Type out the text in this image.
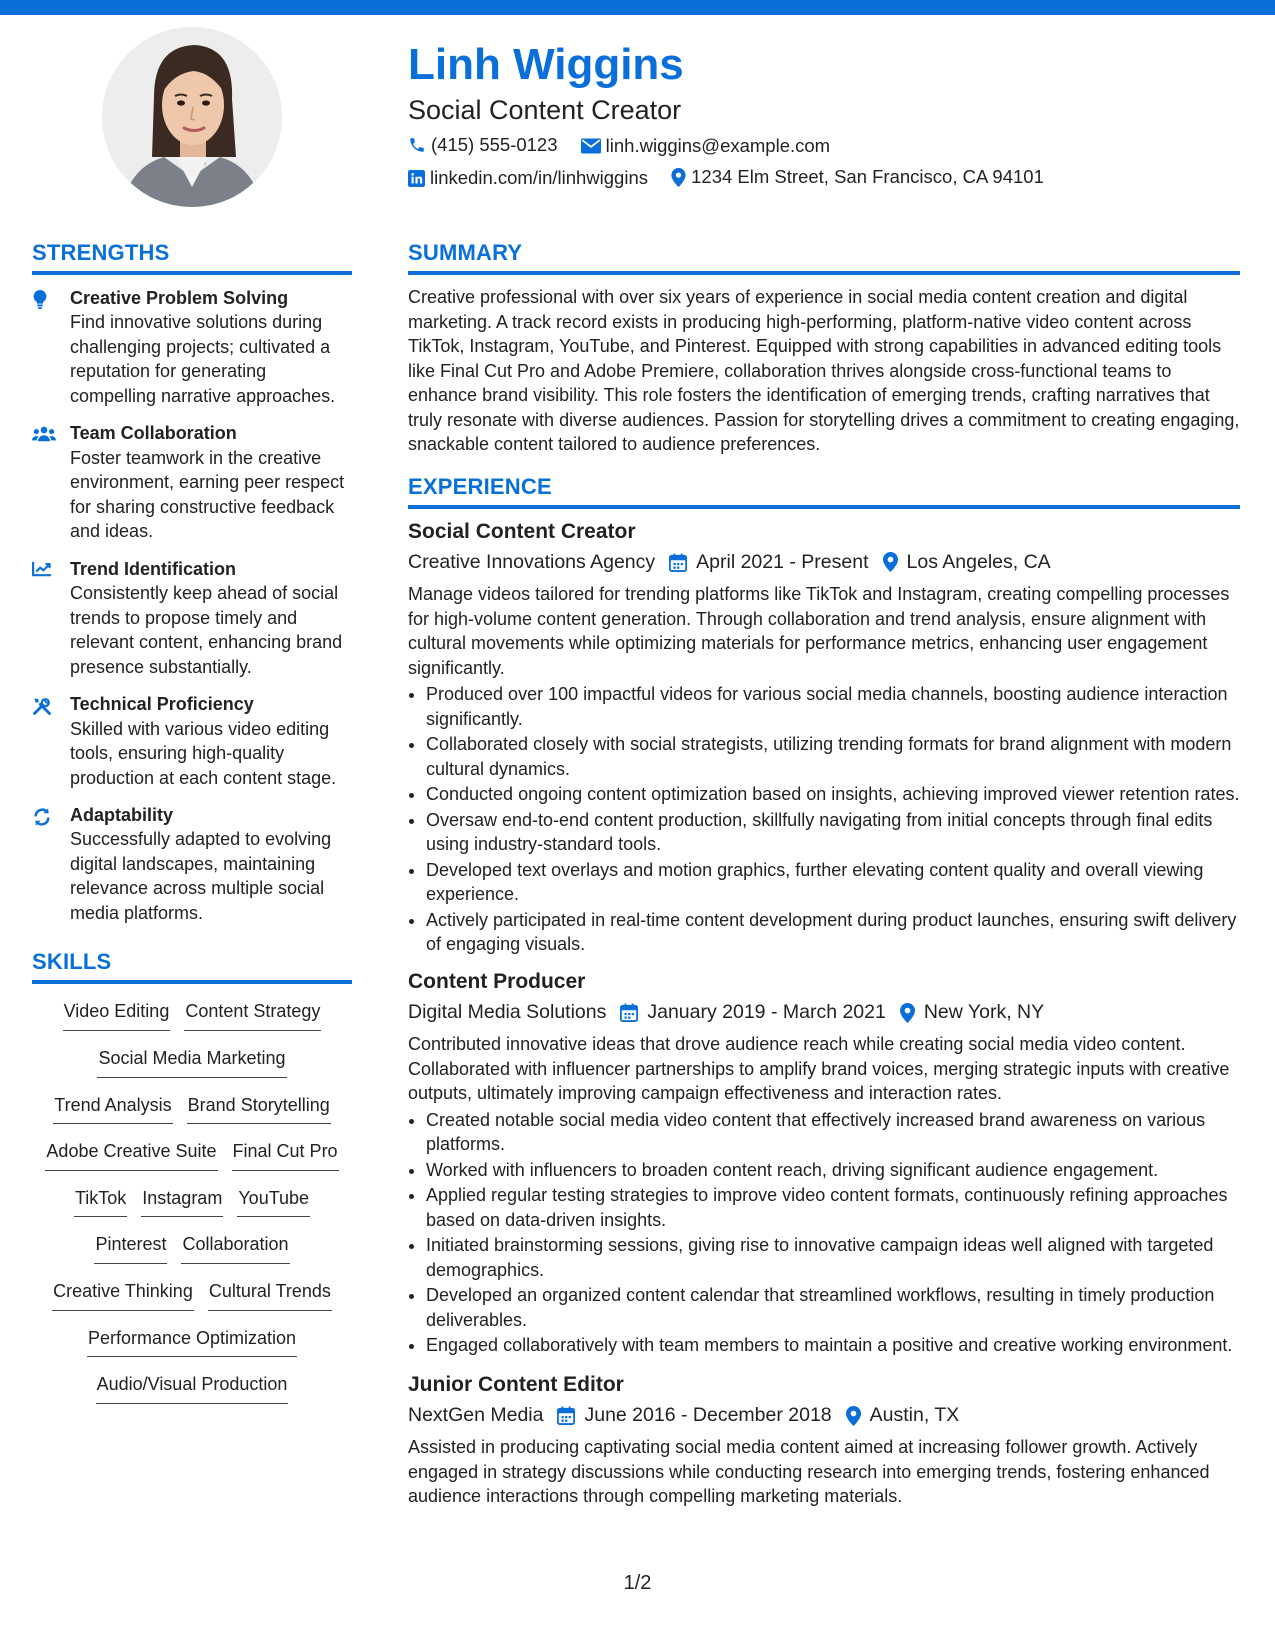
Linh Wiggins
Social Content Creator
(415) 555-0123
	linh.wiggins@example.com
linkedin.com/in/linhwiggins
1234 Elm Street, San Francisco, CA 94101
STRENGTHS
Creative Problem Solving
Find innovative solutions during challenging projects; cultivated a reputation for generating compelling narrative approaches.
Team Collaboration
Foster teamwork in the creative environment, earning peer respect for sharing constructive feedback and ideas.
Trend Identification
Consistently keep ahead of social trends to propose timely and relevant content, enhancing brand presence substantially.
Technical Proficiency
Skilled with various video editing tools, ensuring high-quality production at each content stage.
Adaptability
Successfully adapted to evolving digital landscapes, maintaining relevance across multiple social media platforms.
SKILLS
Video Editing Content Strategy
Social Media Marketing
Trend Analysis Brand Storytelling
Adobe Creative Suite Final Cut Pro
TikTok Instagram YouTube
Pinterest Collaboration
Creative Thinking Cultural Trends
Performance Optimization
Audio/Visual Production
SUMMARY

Creative professional with over six years of experience in social media content creation and digital marketing. A track record exists in producing high-performing, platform-native video content across TikTok, Instagram, YouTube, and Pinterest. Equipped with strong capabilities in advanced editing tools like Final Cut Pro and Adobe Premiere, collaboration thrives alongside cross-functional teams to enhance brand visibility. This role fosters the identification of emerging trends, crafting narratives that truly resonate with diverse audiences. Passion for storytelling drives a commitment to creating engaging, snackable content tailored to audience preferences.

EXPERIENCE
Social Content Creator
Creative Innovations Agency April 2021 - Present Los Angeles, CA
Manage videos tailored for trending platforms like TikTok and Instagram, creating compelling processes for high-volume content generation. Through collaboration and trend analysis, ensure alignment with cultural movements while optimizing materials for performance metrics, enhancing user engagement significantly.
• Produced over 100 impactful videos for various social media channels, boosting audience interaction significantly.
• Collaborated closely with social strategists, utilizing trending formats for brand alignment with modern cultural dynamics.
• Conducted ongoing content optimization based on insights, achieving improved viewer retention rates.
• Oversaw end-to-end content production, skillfully navigating from initial concepts through final edits using industry-standard tools.
• Developed text overlays and motion graphics, further elevating content quality and overall viewing experience.
• Actively participated in real-time content development during product launches, ensuring swift delivery of engaging visuals.
Content Producer
Digital Media Solutions January 2019 - March 2021 New York, NY
Contributed innovative ideas that drove audience reach while creating social media video content. Collaborated with influencer partnerships to amplify brand voices, merging strategic inputs with creative outputs, ultimately improving campaign effectiveness and interaction rates.
• Created notable social media video content that effectively increased brand awareness on various platforms.
• Worked with influencers to broaden content reach, driving significant audience engagement.
• Applied regular testing strategies to improve video content formats, continuously refining approaches based on data-driven insights.
• Initiated brainstorming sessions, giving rise to innovative campaign ideas well aligned with targeted demographics.
• Developed an organized content calendar that streamlined workflows, resulting in timely production deliverables.
• Engaged collaboratively with team members to maintain a positive and creative working environment.
Junior Content Editor
NextGen Media June 2016 - December 2018 Austin, TX
Assisted in producing captivating social media content aimed at increasing follower growth. Actively engaged in strategy discussions while conducting research into emerging trends, fostering enhanced audience interactions through compelling marketing materials.
1/2
